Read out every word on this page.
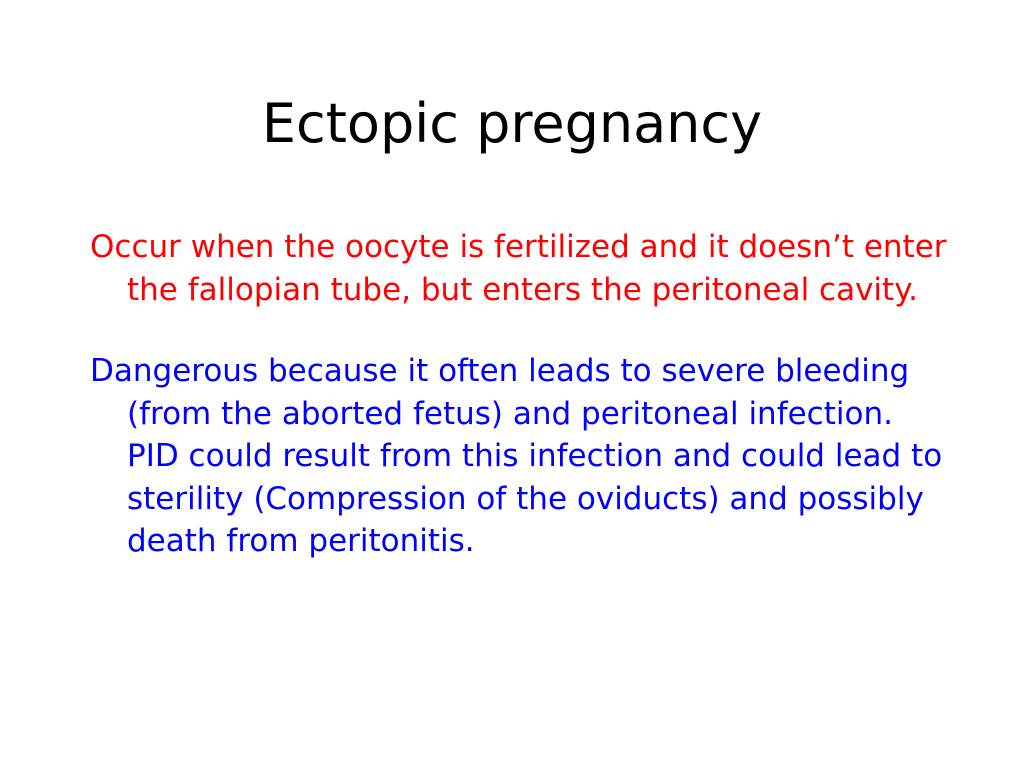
Ectopic pregnancy
Occur when the oocyte is fertilized and it doesn’t enter the fallopian tube, but enters the peritoneal cavity.
Dangerous because it often leads to severe bleeding (from the aborted fetus) and peritoneal infection. PID could result from this infection and could lead to sterility (Compression of the oviducts) and possibly death from peritonitis.
